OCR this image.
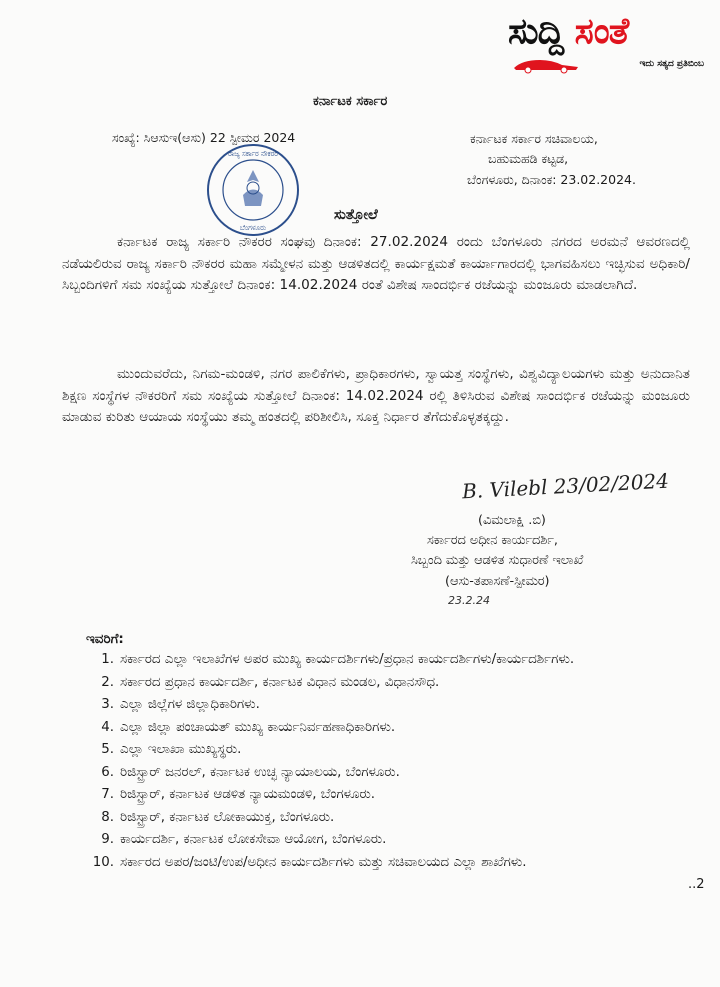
ಸುದ್ದಿ ಸಂತೆ
ಇದು ಸತ್ಯದ ಪ್ರತಿಬಿಂಬ
ಕರ್ನಾಟಕ ಸರ್ಕಾರ
ಸಂಖ್ಯೆ: ಸಿಆಸುಇ(ಆಸು) 22 ಸ್ಪೀಮರ 2024	ಕರ್ನಾಟಕ ಸರ್ಕಾರ ಸಚಿವಾಲಯ,
ಬಹುಮಹಡಿ ಕಟ್ಟಡ,
ಬೆಂಗಳೂರು, ದಿನಾಂಕ: 23.02.2024.
ರಾಜ್ಯ ಸರ್ಕಾರ ನೌಕರರ
ಬೆಂಗಳೂರು
ಸುತ್ತೋಲೆ
ಕರ್ನಾಟಕ ರಾಜ್ಯ ಸರ್ಕಾರಿ ನೌಕರರ ಸಂಘವು ದಿನಾಂಕ: 27.02.2024 ರಂದು ಬೆಂಗಳೂರು ನಗರದ ಅರಮನೆ ಆವರಣದಲ್ಲಿ ನಡೆಯಲಿರುವ ರಾಜ್ಯ ಸರ್ಕಾರಿ ನೌಕರರ ಮಹಾ ಸಮ್ಮೇಳನ ಮತ್ತು ಆಡಳಿತದಲ್ಲಿ ಕಾರ್ಯಕ್ಷಮತೆ ಕಾರ್ಯಾಗಾರದಲ್ಲಿ ಭಾಗವಹಿಸಲು ಇಚ್ಛಿಸುವ ಅಧಿಕಾರಿ/ಸಿಬ್ಬಂದಿಗಳಿಗೆ ಸಮ ಸಂಖ್ಯೆಯ ಸುತ್ತೋಲೆ ದಿನಾಂಕ: 14.02.2024 ರಂತೆ ವಿಶೇಷ ಸಾಂದರ್ಭಿಕ ರಜೆಯನ್ನು ಮಂಜೂರು ಮಾಡಲಾಗಿದೆ.
ಮುಂದುವರೆದು, ನಿಗಮ-ಮಂಡಳಿ, ನಗರ ಪಾಲಿಕೆಗಳು, ಪ್ರಾಧಿಕಾರಗಳು, ಸ್ವಾಯತ್ತ ಸಂಸ್ಥೆಗಳು, ವಿಶ್ವವಿದ್ಯಾಲಯಗಳು ಮತ್ತು ಅನುದಾನಿತ ಶಿಕ್ಷಣ ಸಂಸ್ಥೆಗಳ ನೌಕರರಿಗೆ ಸಮ ಸಂಖ್ಯೆಯ ಸುತ್ತೋಲೆ ದಿನಾಂಕ: 14.02.2024 ರಲ್ಲಿ ತಿಳಿಸಿರುವ ವಿಶೇಷ ಸಾಂದರ್ಭಿಕ ರಜೆಯನ್ನು ಮಂಜೂರು ಮಾಡುವ ಕುರಿತು ಆಯಾಯ ಸಂಸ್ಥೆಯು ತಮ್ಮ ಹಂತದಲ್ಲಿ ಪರಿಶೀಲಿಸಿ, ಸೂಕ್ತ ನಿರ್ಧಾರ ತೆಗೆದುಕೊಳ್ಳತಕ್ಕದ್ದು.
B. Vilebl 23/02/2024
(ವಿಮಲಾಕ್ಷಿ .ಬಿ)
ಸರ್ಕಾರದ ಅಧೀನ ಕಾರ್ಯದರ್ಶಿ,
ಸಿಬ್ಬಂದಿ ಮತ್ತು ಆಡಳಿತ ಸುಧಾರಣೆ ಇಲಾಖೆ
(ಆಸು-ತಪಾಸಣೆ-ಸ್ಪೀಮರ)
23.2.24
ಇವರಿಗೆ:
1. ಸರ್ಕಾರದ ಎಲ್ಲಾ ಇಲಾಖೆಗಳ ಅಪರ ಮುಖ್ಯ ಕಾರ್ಯದರ್ಶಿಗಳು/ಪ್ರಧಾನ ಕಾರ್ಯದರ್ಶಿಗಳು/ಕಾರ್ಯದರ್ಶಿಗಳು.
2. ಸರ್ಕಾರದ ಪ್ರಧಾನ ಕಾರ್ಯದರ್ಶಿ, ಕರ್ನಾಟಕ ವಿಧಾನ ಮಂಡಲ, ವಿಧಾನಸೌಧ.
3. ಎಲ್ಲಾ ಜಿಲ್ಲೆಗಳ ಜಿಲ್ಲಾಧಿಕಾರಿಗಳು.
4. ಎಲ್ಲಾ ಜಿಲ್ಲಾ ಪಂಚಾಯತ್ ಮುಖ್ಯ ಕಾರ್ಯನಿರ್ವಹಣಾಧಿಕಾರಿಗಳು.
5. ಎಲ್ಲಾ ಇಲಾಖಾ ಮುಖ್ಯಸ್ಥರು.
6. ರಿಜಿಸ್ಟ್ರಾರ್ ಜನರಲ್, ಕರ್ನಾಟಕ ಉಚ್ಛ ನ್ಯಾಯಾಲಯ, ಬೆಂಗಳೂರು.
7. ರಿಜಿಸ್ಟ್ರಾರ್, ಕರ್ನಾಟಕ ಆಡಳಿತ ನ್ಯಾಯಮಂಡಳಿ, ಬೆಂಗಳೂರು.
8. ರಿಜಿಸ್ಟ್ರಾರ್, ಕರ್ನಾಟಕ ಲೋಕಾಯುಕ್ತ, ಬೆಂಗಳೂರು.
9. ಕಾರ್ಯದರ್ಶಿ, ಕರ್ನಾಟಕ ಲೋಕಸೇವಾ ಆಯೋಗ, ಬೆಂಗಳೂರು.
10. ಸರ್ಕಾರದ ಅಪರ/ಜಂಟಿ/ಉಪ/ಅಧೀನ ಕಾರ್ಯದರ್ಶಿಗಳು ಮತ್ತು ಸಚಿವಾಲಯದ ಎಲ್ಲಾ ಶಾಖೆಗಳು.
..2
